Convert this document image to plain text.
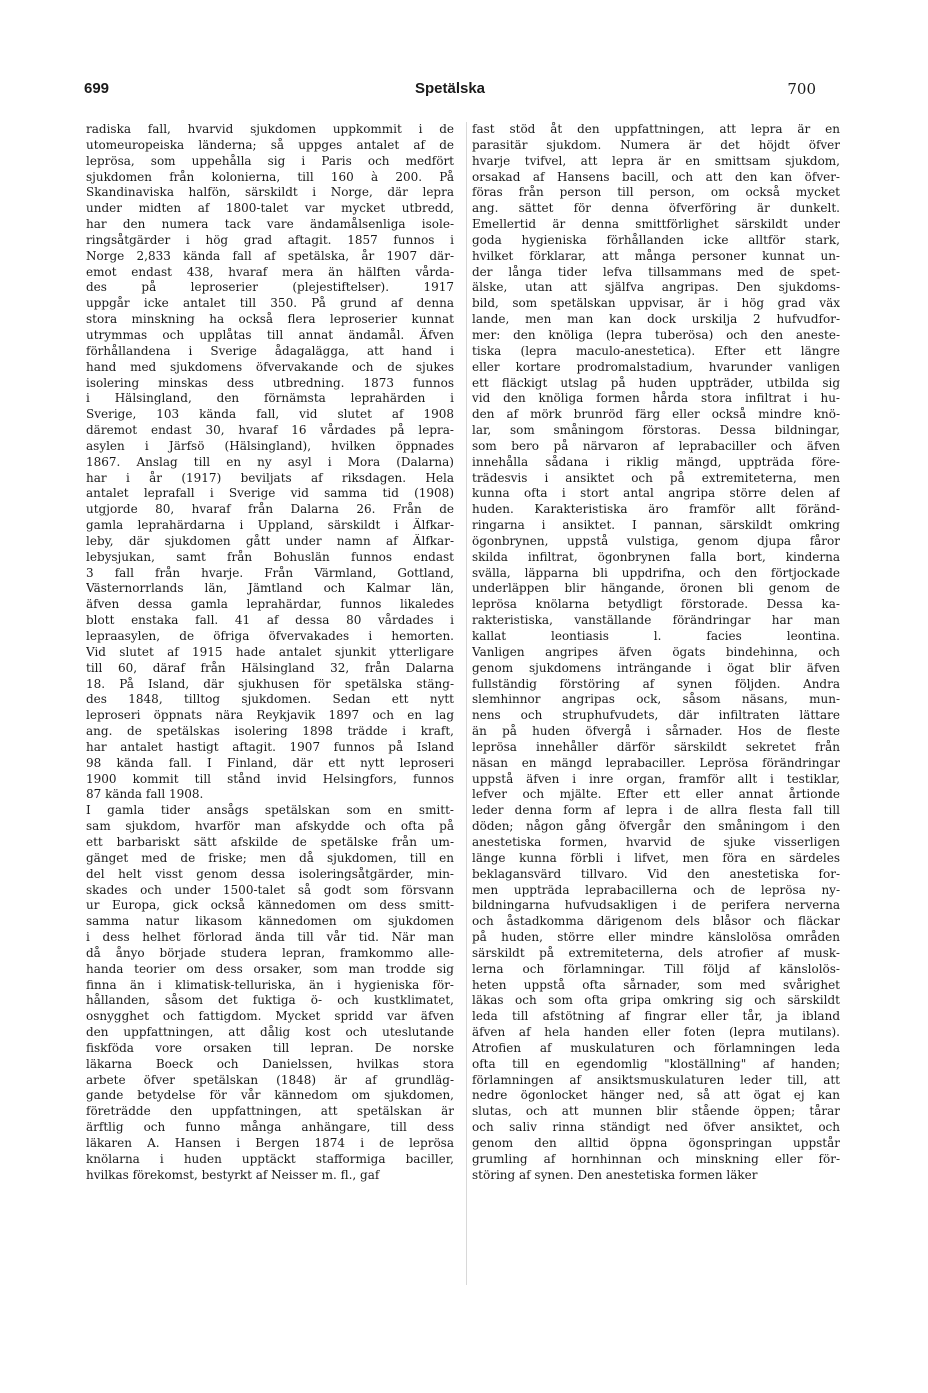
699	Spetälska	700
radiska fall, hvarvid sjukdomen uppkommit i de
utomeuropeiska länderna; så uppges antalet af de
leprösa, som uppehålla sig i Paris och medfört
sjukdomen från kolonierna, till 160 à 200. På
Skandinaviska halfön, särskildt i Norge, där lepra
under midten af 1800-talet var mycket utbredd,
har den numera tack vare ändamålsenliga isole-
ringsåtgärder i hög grad aftagit. 1857 funnos i
Norge 2,833 kända fall af spetälska, år 1907 där-
emot endast 438, hvaraf mera än hälften vårda-
des på leproserier (plejestiftelser). 1917
uppgår icke antalet till 350. På grund af denna
stora minskning ha också flera leproserier kunnat
utrymmas och upplåtas till annat ändamål. Äfven
förhållandena i Sverige ådagalägga, att hand i
hand med sjukdomens öfvervakande och de sjukes
isolering minskas dess utbredning. 1873 funnos
i Hälsingland, den förnämsta leprahärden i
Sverige, 103 kända fall, vid slutet af 1908
däremot endast 30, hvaraf 16 vårdades på lepra-
asylen i Järfsö (Hälsingland), hvilken öppnades
1867. Anslag till en ny asyl i Mora (Dalarna)
har i år (1917) beviljats af riksdagen. Hela
antalet leprafall i Sverige vid samma tid (1908)
utgjorde 80, hvaraf från Dalarna 26. Från de
gamla leprahärdarna i Uppland, särskildt i Älfkar-
leby, där sjukdomen gått under namn af Älfkar-
lebysjukan, samt från Bohuslän funnos endast
3 fall från hvarje. Från Värmland, Gottland,
Västernorrlands län, Jämtland och Kalmar län,
äfven dessa gamla leprahärdar, funnos likaledes
blott enstaka fall. 41 af dessa 80 vårdades i
lepraasylen, de öfriga öfvervakades i hemorten.
Vid slutet af 1915 hade antalet sjunkit ytterligare
till 60, däraf från Hälsingland 32, från Dalarna
18. På Island, där sjukhusen för spetälska stäng-
des 1848, tilltog sjukdomen. Sedan ett nytt
leproseri öppnats nära Reykjavik 1897 och en lag
ang. de spetälskas isolering 1898 trädde i kraft,
har antalet hastigt aftagit. 1907 funnos på Island
98 kända fall. I Finland, där ett nytt leproseri
1900 kommit till stånd invid Helsingfors, funnos
87 kända fall 1908.
I gamla tider ansågs spetälskan som en smitt-
sam sjukdom, hvarför man afskydde och ofta på
ett barbariskt sätt afskilde de spetälske från um-
gänget med de friske; men då sjukdomen, till en
del helt visst genom dessa isoleringsåtgärder, min-
skades och under 1500-talet så godt som försvann
ur Europa, gick också kännedomen om dess smitt-
samma natur likasom kännedomen om sjukdomen
i dess helhet förlorad ända till vår tid. När man
då ånyo började studera lepran, framkommo alle-
handa teorier om dess orsaker, som man trodde sig
finna än i klimatisk-telluriska, än i hygieniska för-
hållanden, såsom det fuktiga ö- och kustklimatet,
osnygghet och fattigdom. Mycket spridd var äfven
den uppfattningen, att dålig kost och uteslutande
fiskföda vore orsaken till lepran. De norske
läkarna Boeck och Danielssen, hvilkas stora
arbete öfver spetälskan (1848) är af grundläg-
gande betydelse för vår kännedom om sjukdomen,
företrädde den uppfattningen, att spetälskan är
ärftlig och funno många anhängare, till dess
läkaren A. Hansen i Bergen 1874 i de leprösa
knölarna i huden upptäckt stafformiga baciller,
hvilkas förekomst, bestyrkt af Neisser m. fl., gaf
fast stöd åt den uppfattningen, att lepra är en
parasitär sjukdom. Numera är det höjdt öfver
hvarje tvifvel, att lepra är en smittsam sjukdom,
orsakad af Hansens bacill, och att den kan öfver-
föras från person till person, om också mycket
ang. sättet för denna öfverföring är dunkelt.
Emellertid är denna smittförlighet särskildt under
goda hygieniska förhållanden icke alltför stark,
hvilket förklarar, att många personer kunnat un-
der långa tider lefva tillsammans med de spet-
älske, utan att själfva angripas. Den sjukdoms-
bild, som spetälskan uppvisar, är i hög grad väx
lande, men man kan dock urskilja 2 hufvudfor-
mer: den knöliga (lepra tuberösa) och den aneste-
tiska (lepra maculo-anestetica). Efter ett längre
eller kortare prodromalstadium, hvarunder vanligen
ett fläckigt utslag på huden uppträder, utbilda sig
vid den knöliga formen hårda stora infiltrat i hu-
den af mörk brunröd färg eller också mindre knö-
lar, som småningom förstoras. Dessa bildningar,
som bero på närvaron af leprabaciller och äfven
innehålla sådana i riklig mängd, uppträda före-
trädesvis i ansiktet och på extremiteterna, men
kunna ofta i stort antal angripa större delen af
huden. Karakteristiska äro framför allt föränd-
ringarna i ansiktet. I pannan, särskildt omkring
ögonbrynen, uppstå vulstiga, genom djupa fåror
skilda infiltrat, ögonbrynen falla bort, kinderna
svälla, läpparna bli uppdrifna, och den förtjockade
underläppen blir hängande, öronen bli genom de
leprösa knölarna betydligt förstorade. Dessa ka-
rakteristiska, vanställande förändringar har man
kallat leontiasis l. facies leontina.
Vanligen angripes äfven ögats bindehinna, och
genom sjukdomens inträngande i ögat blir äfven
fullständig förstöring af synen följden. Andra
slemhinnor angripas ock, såsom näsans, mun-
nens och struphufvudets, där infiltraten lättare
än på huden öfvergå i sårnader. Hos de fleste
leprösa innehåller därför särskildt sekretet från
näsan en mängd leprabaciller. Leprösa förändringar
uppstå äfven i inre organ, framför allt i testiklar,
lefver och mjälte. Efter ett eller annat årtionde
leder denna form af lepra i de allra flesta fall till
döden; någon gång öfvergår den småningom i den
anestetiska formen, hvarvid de sjuke visserligen
länge kunna förbli i lifvet, men föra en särdeles
beklagansvärd tillvaro. Vid den anestetiska for-
men uppträda leprabacillerna och de leprösa ny-
bildningarna hufvudsakligen i de perifera nerverna
och åstadkomma därigenom dels blåsor och fläckar
på huden, större eller mindre känslolösa områden
särskildt på extremiteterna, dels atrofier af musk-
lerna och förlamningar. Till följd af känslolös-
heten uppstå ofta sårnader, som med svårighet
läkas och som ofta gripa omkring sig och särskildt
leda till afstötning af fingrar eller tår, ja ibland
äfven af hela handen eller foten (lepra mutilans).
Atrofien af muskulaturen och förlamningen leda
ofta till en egendomlig "kloställning" af handen;
förlamningen af ansiktsmuskulaturen leder till, att
nedre ögonlocket hänger ned, så att ögat ej kan
slutas, och att munnen blir stående öppen; tårar
och saliv rinna ständigt ned öfver ansiktet, och
genom den alltid öppna ögonspringan uppstår
grumling af hornhinnan och minskning eller för-
störing af synen. Den anestetiska formen läker
